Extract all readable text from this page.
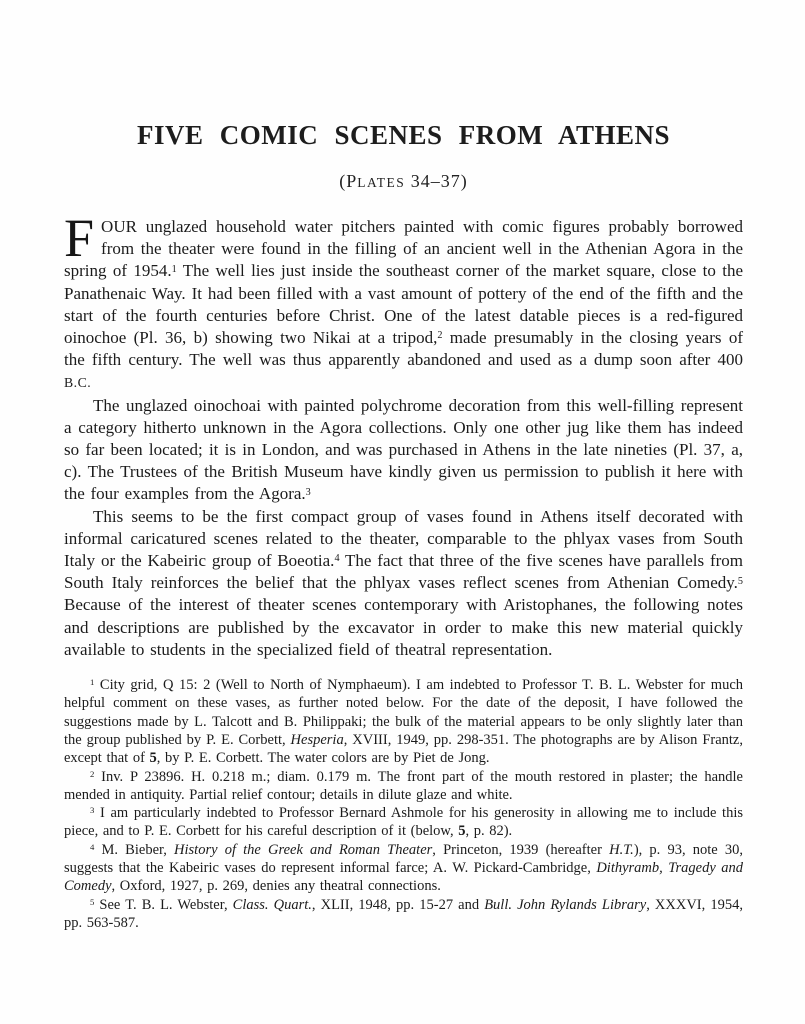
FIVE COMIC SCENES FROM ATHENS
(PLATES 34–37)

FOUR unglazed household water pitchers painted with comic figures probably borrowed from the theater were found in the filling of an ancient well in the Athenian Agora in the spring of 1954.$^1$ The well lies just inside the southeast corner of the market square, close to the Panathenaic Way. It had been filled with a vast amount of pottery of the end of the fifth and the start of the fourth centuries before Christ. One of the latest datable pieces is a red-figured oinochoe (Pl. 36, b) showing two Nikai at a tripod,$^2$ made presumably in the closing years of the fifth century. The well was thus apparently abandoned and used as a dump soon after 400 B.C.

The unglazed oinochoai with painted polychrome decoration from this well-filling represent a category hitherto unknown in the Agora collections. Only one other jug like them has indeed so far been located; it is in London, and was purchased in Athens in the late nineties (Pl. 37, a, c). The Trustees of the British Museum have kindly given us permission to publish it here with the four examples from the Agora.$^3$

This seems to be the first compact group of vases found in Athens itself decorated with informal caricatured scenes related to the theater, comparable to the phlyax vases from South Italy or the Kabeiric group of Boeotia.$^4$ The fact that three of the five scenes have parallels from South Italy reinforces the belief that the phlyax vases reflect scenes from Athenian Comedy.$^5$ Because of the interest of theater scenes contemporary with Aristophanes, the following notes and descriptions are published by the excavator in order to make this new material quickly available to students in the specialized field of theatral representation.

$^1$ City grid, Q 15: 2 (Well to North of Nymphaeum). I am indebted to Professor T. B. L. Webster for much helpful comment on these vases, as further noted below. For the date of the deposit, I have followed the suggestions made by L. Talcott and B. Philippaki; the bulk of the material appears to be only slightly later than the group published by P. E. Corbett, Hesperia, XVIII, 1949, pp. 298-351. The photographs are by Alison Frantz, except that of 5, by P. E. Corbett. The water colors are by Piet de Jong.

$^2$ Inv. P 23896. H. 0.218 m.; diam. 0.179 m. The front part of the mouth restored in plaster; the handle mended in antiquity. Partial relief contour; details in dilute glaze and white.

$^3$ I am particularly indebted to Professor Bernard Ashmole for his generosity in allowing me to include this piece, and to P. E. Corbett for his careful description of it (below, 5, p. 82).

$^4$ M. Bieber, History of the Greek and Roman Theater, Princeton, 1939 (hereafter H.T.), p. 93, note 30, suggests that the Kabeiric vases do represent informal farce; A. W. Pickard-Cambridge, Dithyramb, Tragedy and Comedy, Oxford, 1927, p. 269, denies any theatral connections.

$^5$ See T. B. L. Webster, Class. Quart., XLII, 1948, pp. 15-27 and Bull. John Rylands Library, XXXVI, 1954, pp. 563-587.
